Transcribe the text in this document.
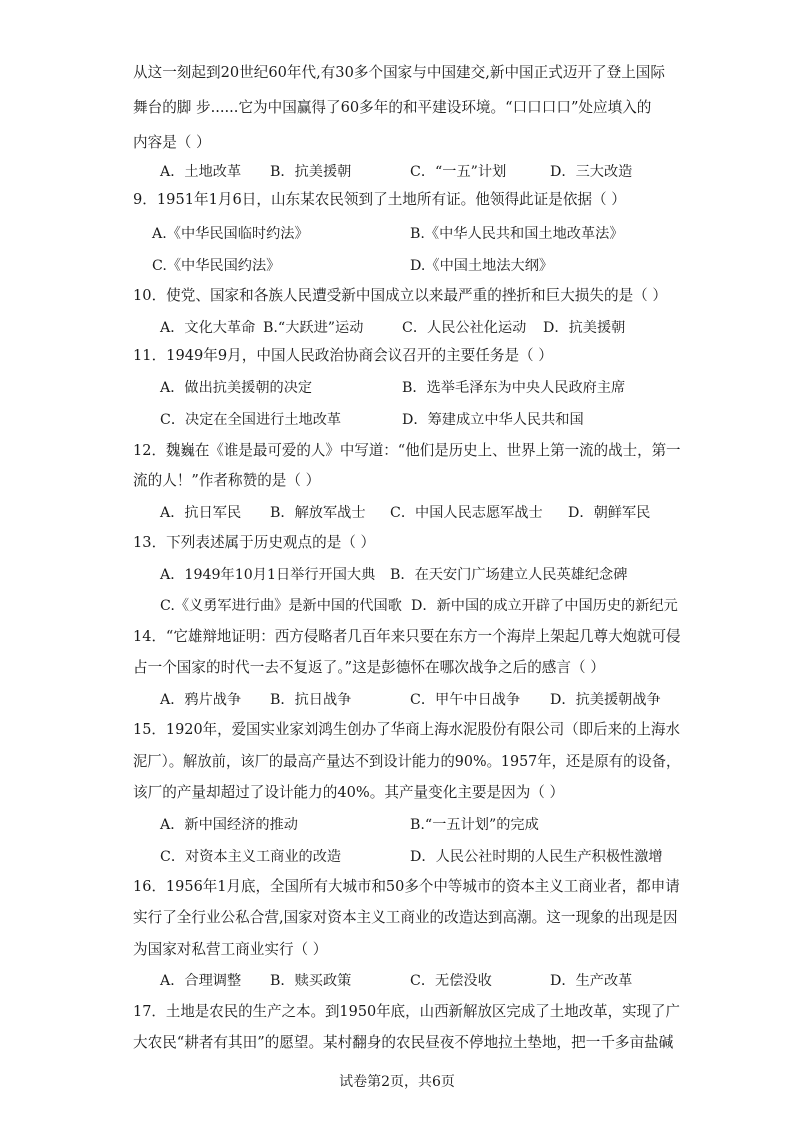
从这一刻起到20世纪60年代,有30多个国家与中国建交,新中国正式迈开了登上国际
舞台的脚 步......它为中国赢得了60多年的和平建设环境。“口口口口”处应填入的
内容是（ ）
A．土地改革 B．抗美援朝	C．“一五”计划	D．三大改造
9．1951年1月6日，山东某农民领到了土地所有证。他领得此证是依据（ ）
A.《中华民国临时约法》	B.《中华人民共和国土地改革法》
C.《中华民国约法》	D.《中国土地法大纲》
10．使党、国家和各族人民遭受新中国成立以来最严重的挫折和巨大损失的是（ ）
A．文化大革命 B.“大跃进”运动	C．人民公社化运动 D．抗美援朝
11．1949年9月，中国人民政治协商会议召开的主要任务是（ ）
A．做出抗美援朝的决定	B．选举毛泽东为中央人民政府主席
C．决定在全国进行土地改革	D．筹建成立中华人民共和国
12．魏巍在《谁是最可爱的人》中写道：“他们是历史上、世界上第一流的战士，第一
流的人！”作者称赞的是（ ）
A．抗日军民 B．解放军战士 C．中国人民志愿军战士 D．朝鲜军民
13．下列表述属于历史观点的是（ ）
A．1949年10月1日举行开国大典 B．在天安门广场建立人民英雄纪念碑
C.《义勇军进行曲》是新中国的代国歌 D．新中国的成立开辟了中国历史的新纪元
14．“它雄辩地证明：西方侵略者几百年来只要在东方一个海岸上架起几尊大炮就可侵
占一个国家的时代一去不复返了。”这是彭德怀在哪次战争之后的感言（ ）
A．鸦片战争 B．抗日战争	C．甲午中日战争 D．抗美援朝战争
15．1920年，爱国实业家刘鸿生创办了华商上海水泥股份有限公司（即后来的上海水
泥厂）。解放前，该厂的最高产量达不到设计能力的90%。1957年，还是原有的设备，
该厂的产量却超过了设计能力的40%。其产量变化主要是因为（ ）
A．新中国经济的推动	B.“一五计划”的完成
C．对资本主义工商业的改造	D．人民公社时期的人民生产积极性激增
16．1956年1月底，全国所有大城市和50多个中等城市的资本主义工商业者，都申请
实行了全行业公私合营,国家对资本主义工商业的改造达到高潮。这一现象的出现是因
为国家对私营工商业实行（ ）
A．合理调整 B．赎买政策	C．无偿没收	D．生产改革
17．土地是农民的生产之本。到1950年底，山西新解放区完成了土地改革，实现了广
大农民“耕者有其田”的愿望。某村翻身的农民昼夜不停地拉土垫地，把一千多亩盐碱
试卷第2页，共6页
